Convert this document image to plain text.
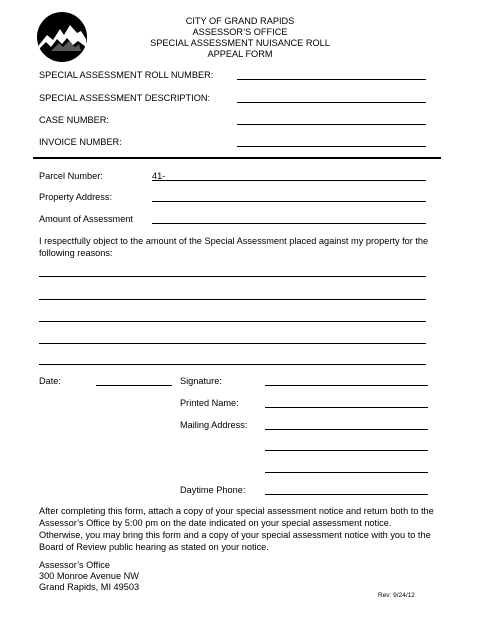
CITY OF GRAND RAPIDS
ASSESSOR’S OFFICE
SPECIAL ASSESSMENT NUISANCE ROLL
APPEAL FORM
SPECIAL ASSESSMENT ROLL NUMBER:
SPECIAL ASSESSMENT DESCRIPTION:
CASE NUMBER:
INVOICE NUMBER:
Parcel Number:	41-
Property Address:
Amount of Assessment
I respectfully object to the amount of the Special Assessment placed against my property for the following reasons:
Date:	Signature:
Printed Name:
Mailing Address:
Daytime Phone:
After completing this form, attach a copy of your special assessment notice and return both to the Assessor’s Office by 5:00 pm on the date indicated on your special assessment notice. Otherwise, you may bring this form and a copy of your special assessment notice with you to the Board of Review public hearing as stated on your notice.
Assessor’s Office
300 Monroe Avenue NW
Grand Rapids, MI 49503
Rev: 9/24/12
